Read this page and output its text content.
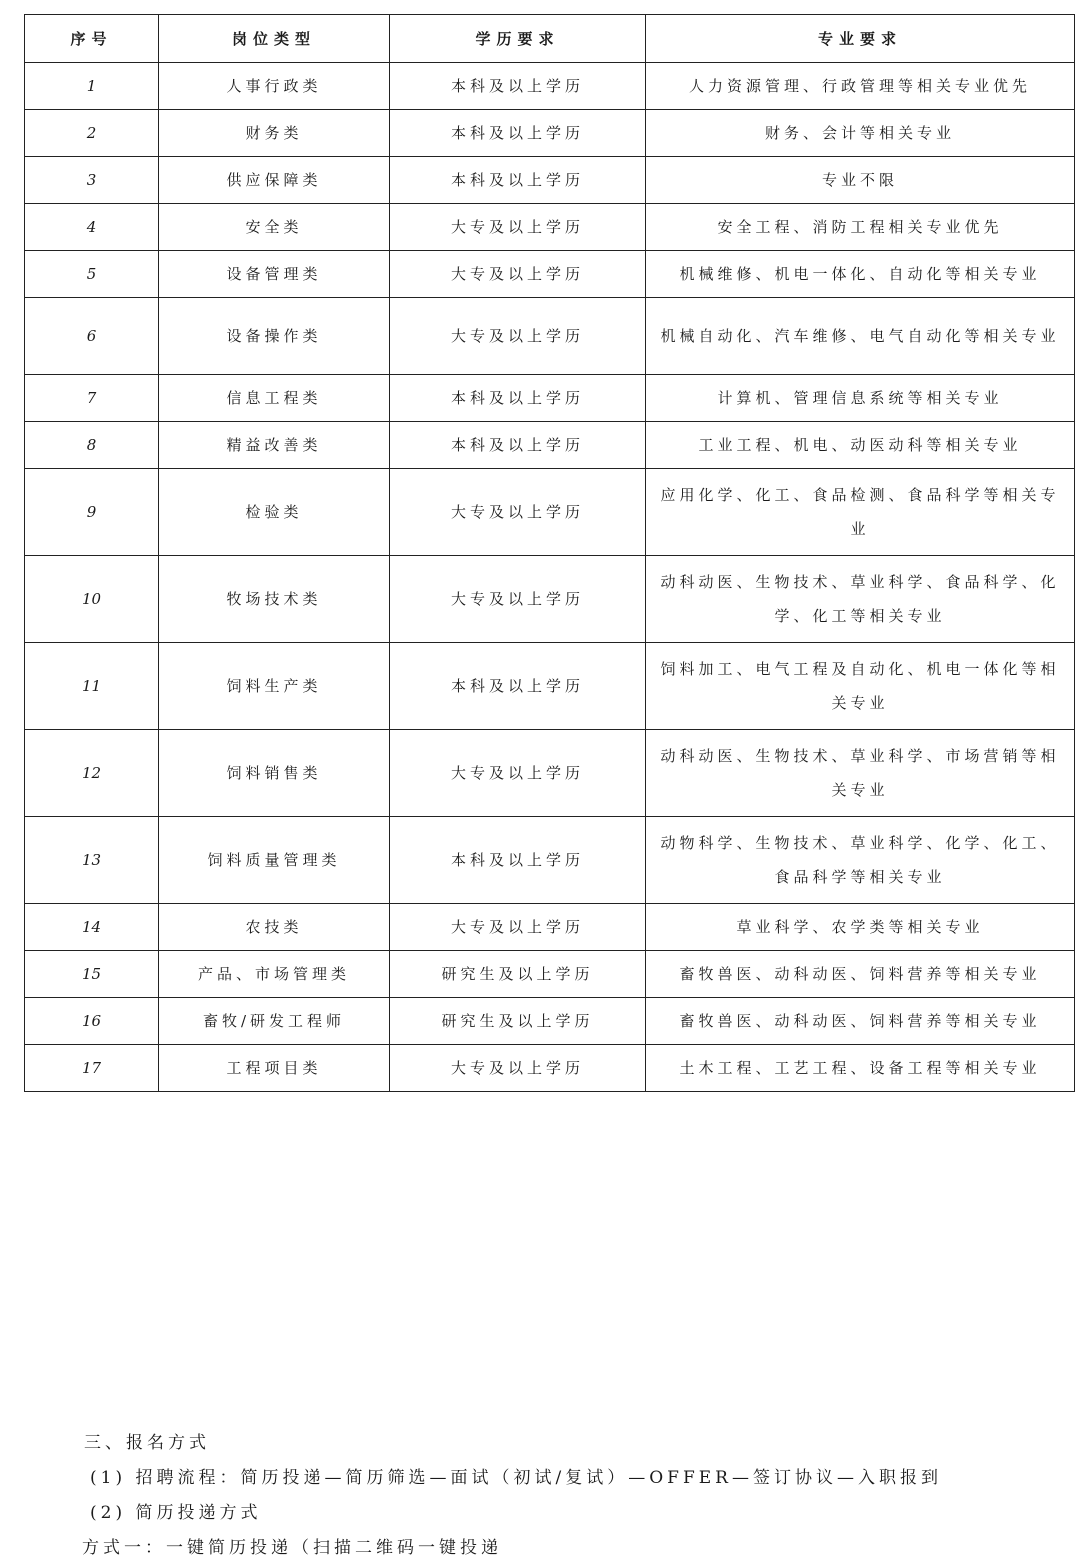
序号	岗位类型	学历要求	专业要求
1	人事行政类	本科及以上学历	人力资源管理、行政管理等相关专业优先
2	财务类	本科及以上学历	财务、会计等相关专业
3	供应保障类	本科及以上学历	专业不限
4	安全类	大专及以上学历	安全工程、消防工程相关专业优先
5	设备管理类	大专及以上学历	机械维修、机电一体化、自动化等相关专业
6	设备操作类	大专及以上学历	机械自动化、汽车维修、电气自动化等相关专业
7	信息工程类	本科及以上学历	计算机、管理信息系统等相关专业
8	精益改善类	本科及以上学历	工业工程、机电、动医动科等相关专业
9	检验类	大专及以上学历	应用化学、化工、食品检测、食品科学等相关专业
10	牧场技术类	大专及以上学历	动科动医、生物技术、草业科学、食品科学、化学、化工等相关专业
11	饲料生产类	本科及以上学历	饲料加工、电气工程及自动化、机电一体化等相关专业
12	饲料销售类	大专及以上学历	动科动医、生物技术、草业科学、市场营销等相关专业
13	饲料质量管理类	本科及以上学历	动物科学、生物技术、草业科学、化学、化工、食品科学等相关专业
14	农技类	大专及以上学历	草业科学、农学类等相关专业
15	产品、市场管理类	研究生及以上学历	畜牧兽医、动科动医、饲料营养等相关专业
16	畜牧/研发工程师	研究生及以上学历	畜牧兽医、动科动医、饲料营养等相关专业
17	工程项目类	大专及以上学历	土木工程、工艺工程、设备工程等相关专业
三、报名方式
(1) 招聘流程：简历投递—简历筛选—面试（初试/复试）—OFFER—签订协议—入职报到
(2) 简历投递方式
方式一：一键简历投递（扫描二维码一键投递
